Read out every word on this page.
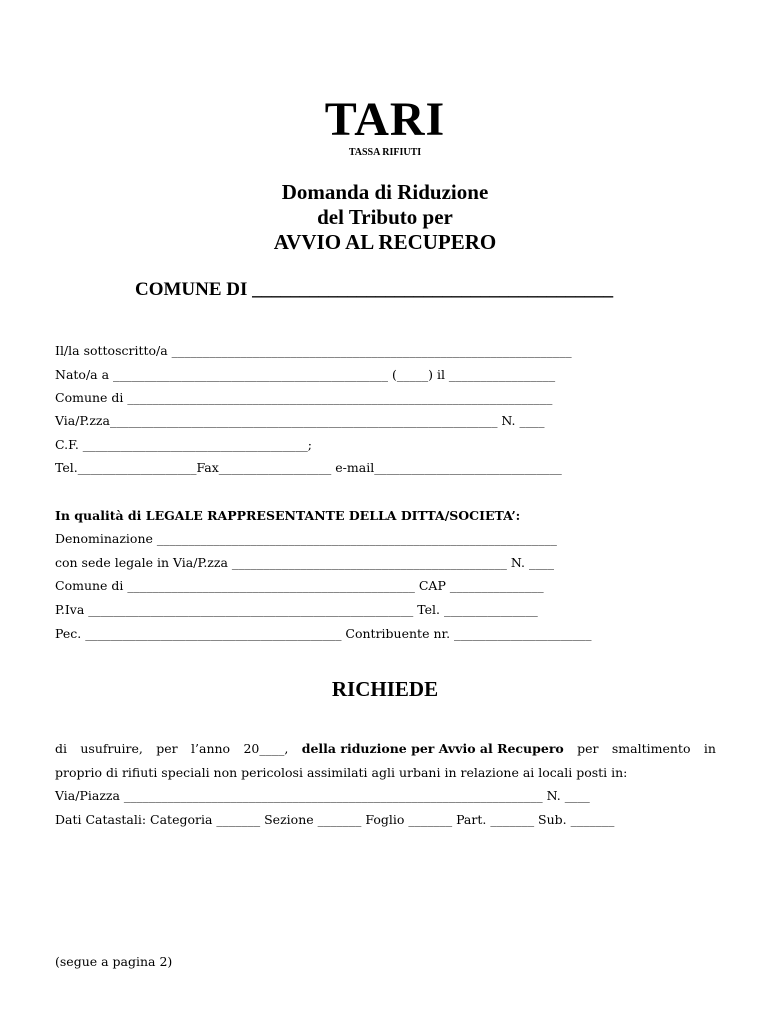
TARI
TASSA RIFIUTI
Domanda di Riduzione
del Tributo per
AVVIO AL RECUPERO
COMUNE DI ______________________________________
Il/la sottoscritto/a ________________________________________________________________
Nato/a a ____________________________________________ (_____) il _________________
Comune di ____________________________________________________________________
Via/P.zza______________________________________________________________ N. ____
C.F. ____________________________________;
Tel.___________________Fax__________________ e-mail______________________________
In qualità di LEGALE RAPPRESENTANTE DELLA DITTA/SOCIETA’:
Denominazione ________________________________________________________________
con sede legale in Via/P.zza ____________________________________________ N. ____
Comune di ______________________________________________ CAP _______________
P.Iva ____________________________________________________ Tel. _______________
Pec. _________________________________________ Contribuente nr. ______________________
RICHIEDE
di usufruire, per l’anno 20____, della riduzione per Avvio al Recupero per smaltimento in
proprio di rifiuti speciali non pericolosi assimilati agli urbani in relazione ai locali posti in:
Via/Piazza ___________________________________________________________________ N. ____
Dati Catastali: Categoria _______ Sezione _______ Foglio _______ Part. _______ Sub. _______
(segue a pagina 2)
